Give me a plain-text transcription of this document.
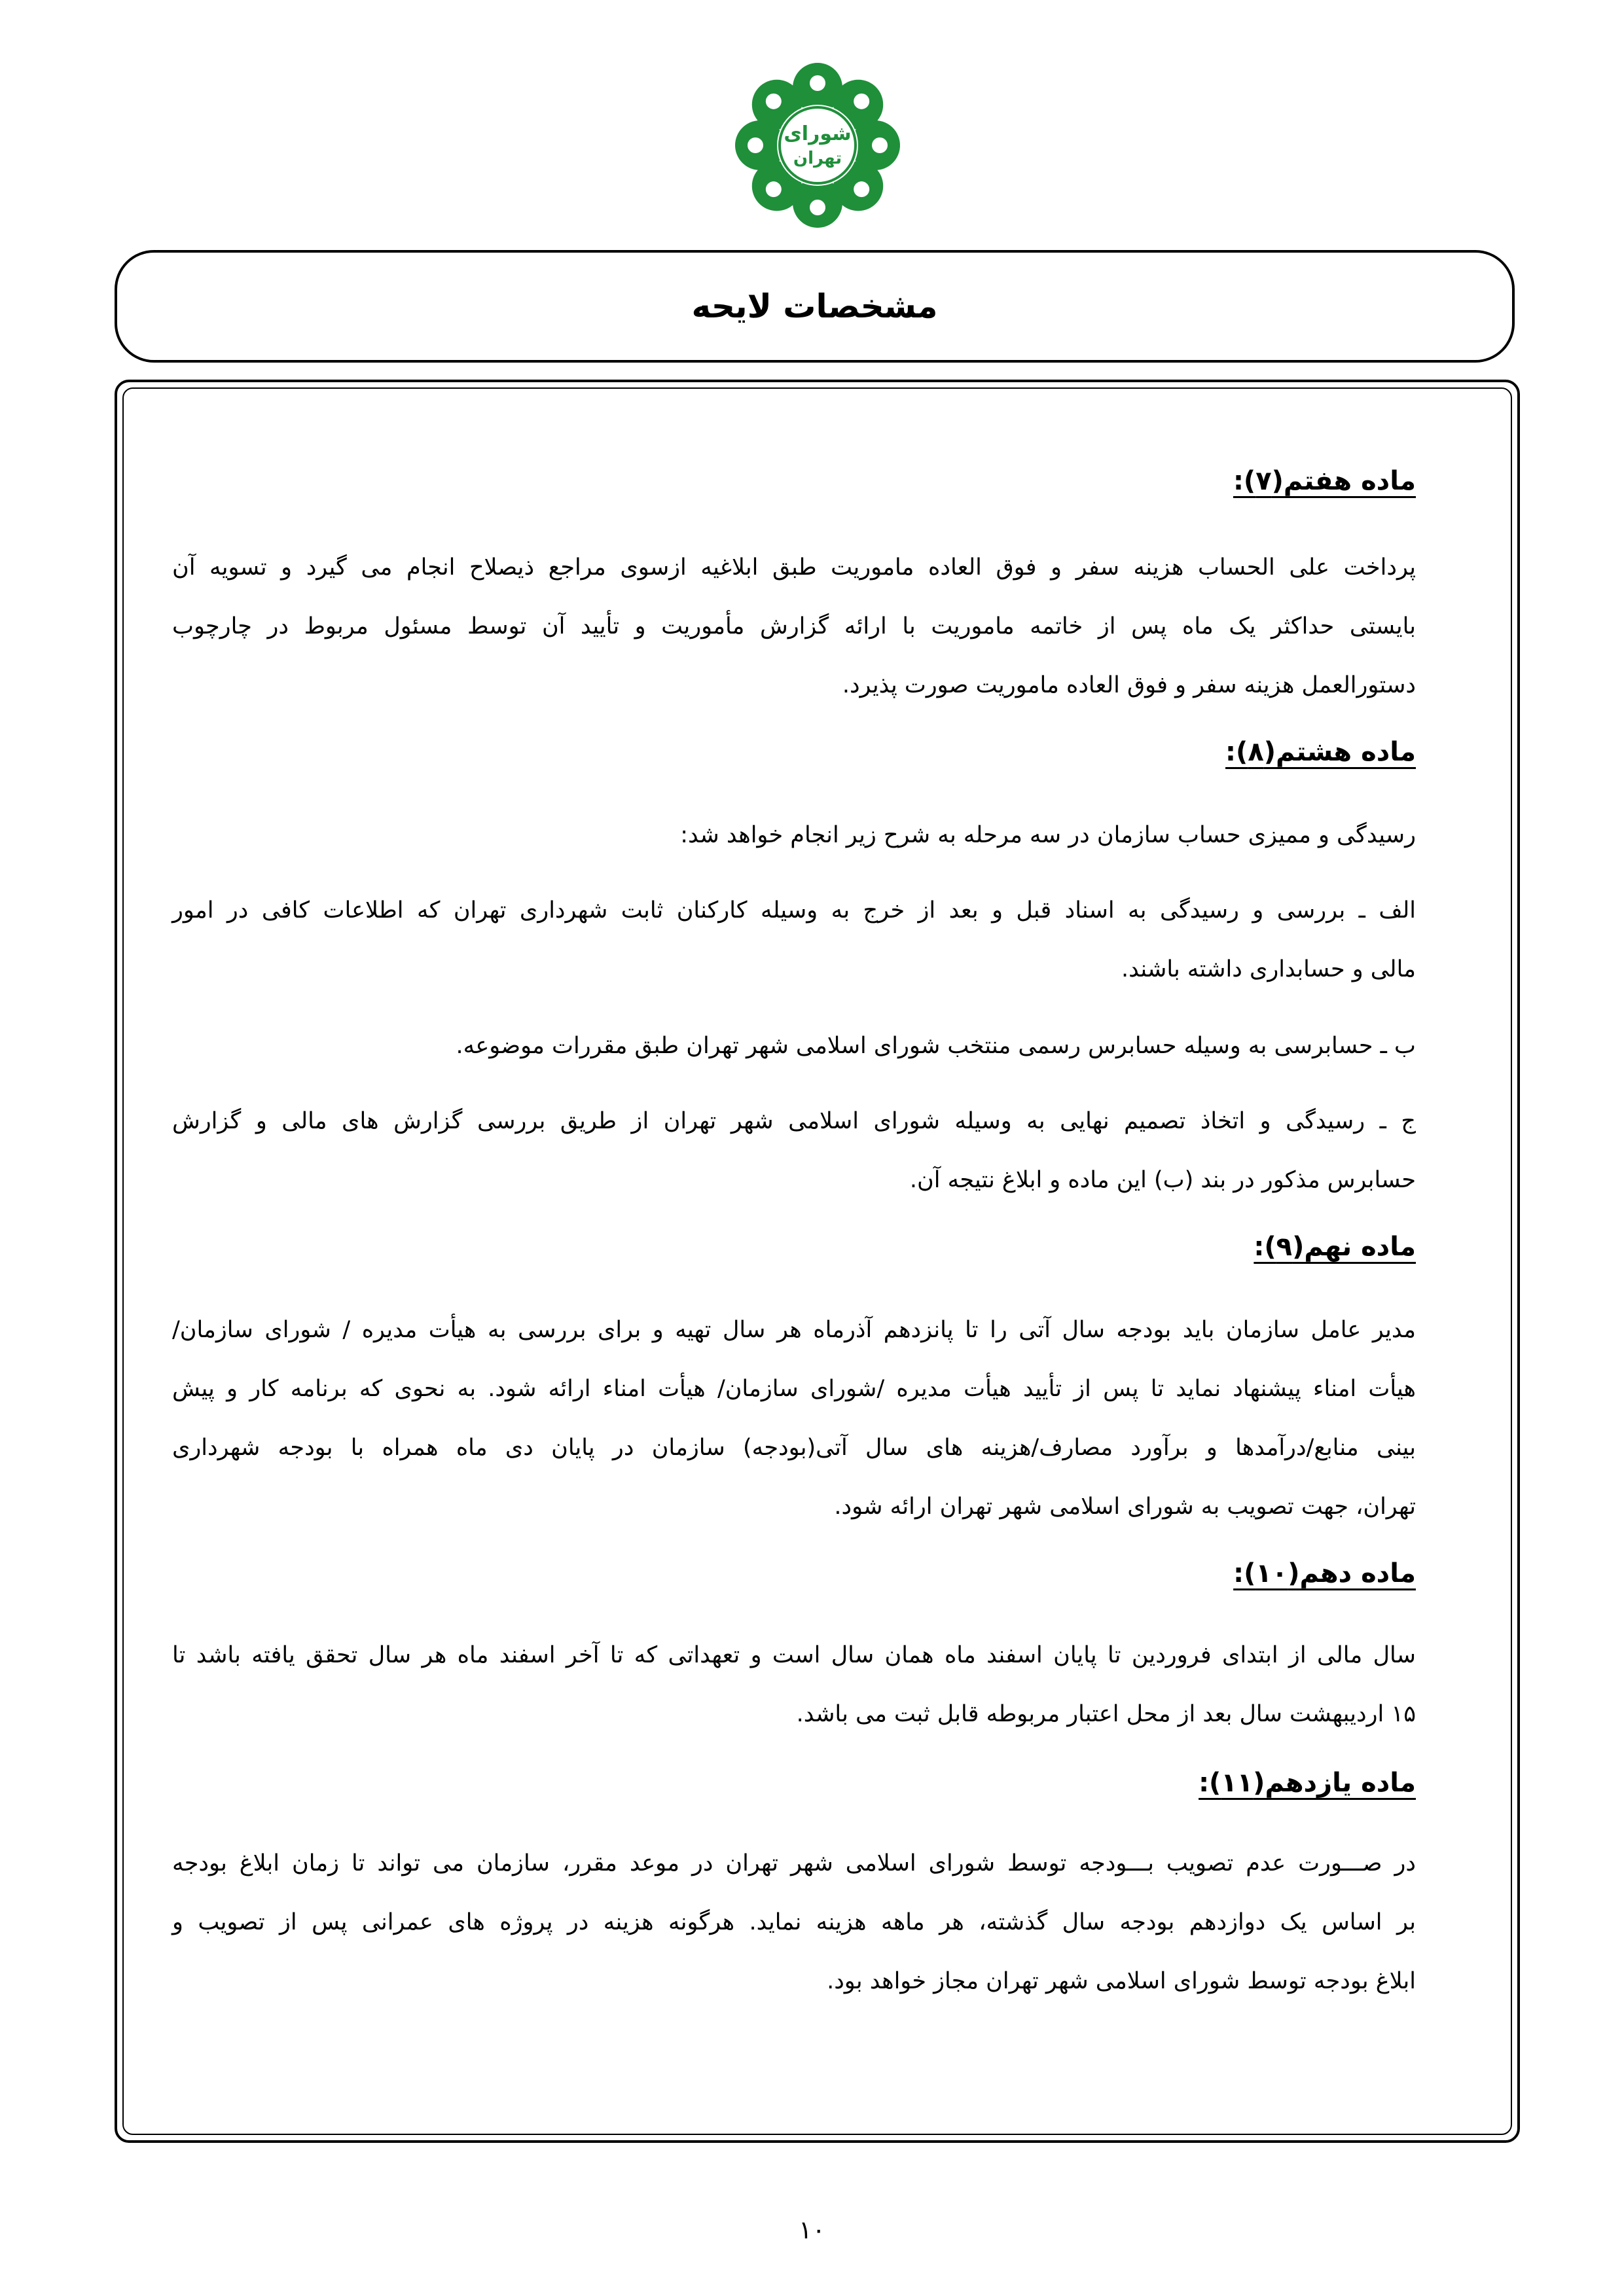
شورای
تهران
مشخصات لایحه
ماده هفتم(۷):
پرداخت علی الحساب هزینه سفر و فوق العاده ماموریت طبق ابلاغیه ازسوی مراجع ذیصلاح انجام می گیرد و تسویه آن
بایستی حداکثر یک ماه پس از خاتمه ماموریت با ارائه گزارش مأموریت و تأیید آن توسط مسئول مربوط در چارچوب
دستورالعمل هزینه سفر و فوق العاده ماموریت صورت پذیرد.
ماده هشتم(۸):
رسیدگی و ممیزی حساب سازمان در سه مرحله به شرح زیر انجام خواهد شد:
الف ـ بررسی و رسیدگی به اسناد قبل و بعد از خرج به وسیله کارکنان ثابت شهرداری تهران که اطلاعات کافی در امور
مالی و حسابداری داشته باشند.
ب ـ حسابرسی به وسیله حسابرس رسمی منتخب شورای اسلامی شهر تهران طبق مقررات موضوعه.
ج ـ رسیدگی و اتخاذ تصمیم نهایی به وسیله شورای اسلامی شهر تهران از طریق بررسی گزارش های مالی و گزارش
حسابرس مذکور در بند (ب) این ماده و ابلاغ نتیجه آن.
ماده نهم(۹):
مدیر عامل سازمان باید بودجه سال آتی را تا پانزدهم آذرماه هر سال تهیه و برای بررسی به هیأت مدیره / شورای سازمان/
هیأت امناء پیشنهاد نماید تا پس از تأیید هیأت مدیره /شورای سازمان/ هیأت امناء ارائه شود. به نحوی که برنامه کار و پیش
بینی منابع/درآمدها و برآورد مصارف/هزینه های سال آتی(بودجه) سازمان در پایان دی ماه همراه با بودجه شهرداری
تهران، جهت تصویب به شورای اسلامی شهر تهران ارائه شود.
ماده دهم(۱۰):
سال مالی از ابتدای فروردین تا پایان اسفند ماه همان سال است و تعهداتی که تا آخر اسفند ماه هر سال تحقق یافته باشد تا
۱۵ اردیبهشت سال بعد از محل اعتبار مربوطه قابل ثبت می باشد.
ماده یازدهم(۱۱):
در صـــورت عدم تصویب بـــودجه توسط شورای اسلامی شهر تهران در موعد مقرر، سازمان می تواند تا زمان ابلاغ بودجه
بر اساس یک دوازدهم بودجه سال گذشته، هر ماهه هزینه نماید. هرگونه هزینه در پروژه های عمرانی پس از تصویب و
ابلاغ بودجه توسط شورای اسلامی شهر تهران مجاز خواهد بود.
۱۰
